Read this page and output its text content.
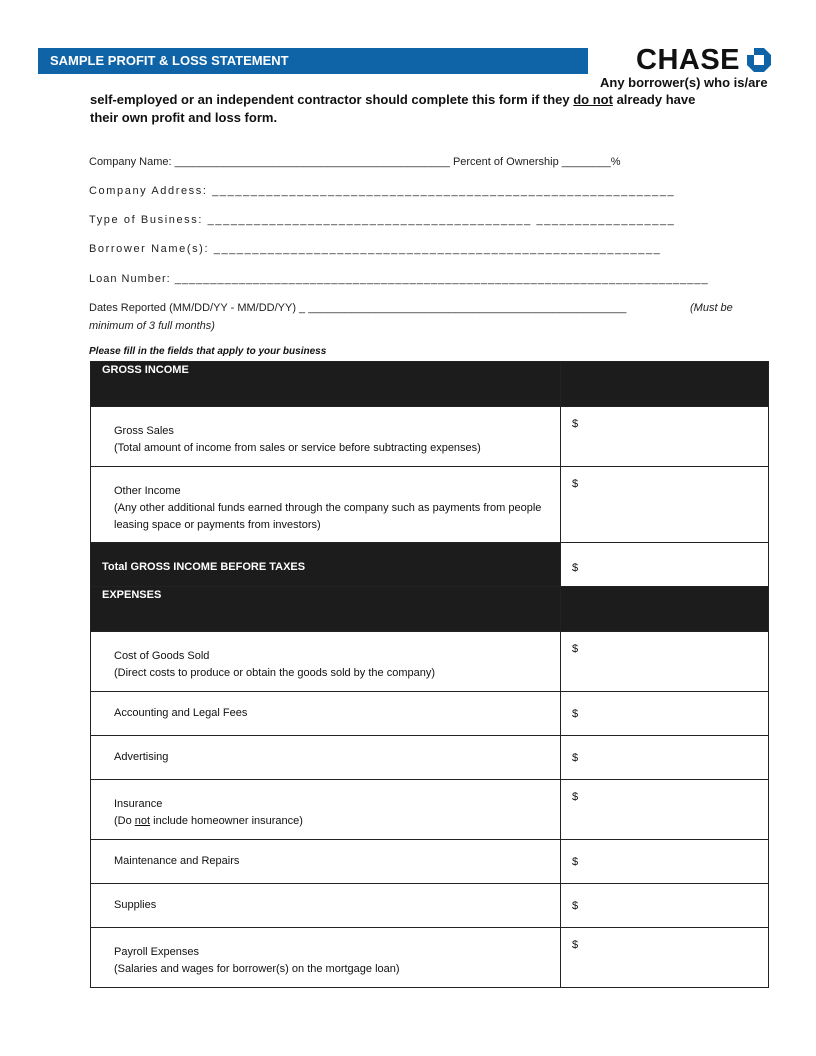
SAMPLE PROFIT & LOSS STATEMENT	CHASE
Any borrower(s) who is/are
self-employed or an independent contractor should complete this form if they do not already have their own profit and loss form.
Company Name: _____________________________________________ Percent of Ownership ________%
Company Address: ____________________________________________________________
Type of Business: __________________________________________ __________________
Borrower Name(s): __________________________________________________________
Loan Number: ___________________________________________________________________________
Dates Reported (MM/DD/YY - MM/DD/YY) _ ____________________________________________________	(Must be
minimum of 3 full months)
Please fill in the fields that apply to your business
GROSS INCOME	

Gross Sales
(Total amount of income from sales or service before subtracting expenses)	$

Other Income
(Any other additional funds earned through the company such as payments from people leasing space or payments from investors)	$

Total GROSS INCOME BEFORE TAXES	$

EXPENSES	

Cost of Goods Sold
(Direct costs to produce or obtain the goods sold by the company)	$

Accounting and Legal Fees	$

Advertising	$

Insurance
(Do not include homeowner insurance)	$

Maintenance and Repairs	$

Supplies	$

Payroll Expenses
(Salaries and wages for borrower(s) on the mortgage loan)	$
